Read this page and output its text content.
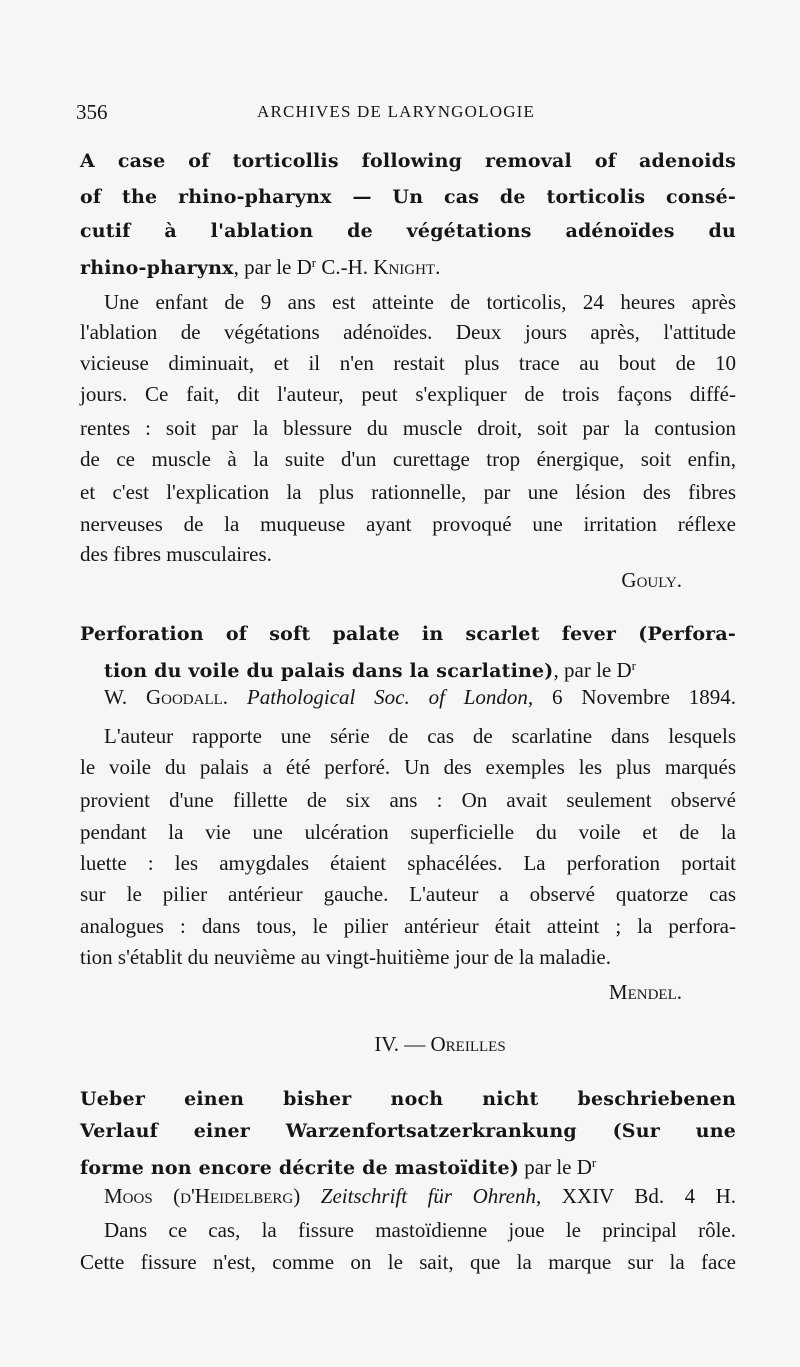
356	ARCHIVES DE LARYNGOLOGIE
A case of torticollis following removal of adenoids
of the rhino-pharynx — Un cas de torticolis consé-
cutif à l'ablation de végétations adénoïdes du
rhino-pharynx, par le $D^r$ C.-H. Knight.
Une enfant de 9 ans est atteinte de torticolis, 24 heures après
l'ablation de végétations adénoïdes. Deux jours après, l'attitude
vicieuse diminuait, et il n'en restait plus trace au bout de 10
jours. Ce fait, dit l'auteur, peut s'expliquer de trois façons diffé-
rentes : soit par la blessure du muscle droit, soit par la contusion
de ce muscle à la suite d'un curettage trop énergique, soit enfin,
et c'est l'explication la plus rationnelle, par une lésion des fibres
nerveuses de la muqueuse ayant provoqué une irritation réflexe
des fibres musculaires.
Gouly.
Perforation of soft palate in scarlet fever (Perfora-
tion du voile du palais dans la scarlatine), par le $D^r$
W. Goodall. Pathological Soc. of London, 6 Novembre 1894.
L'auteur rapporte une série de cas de scarlatine dans lesquels
le voile du palais a été perforé. Un des exemples les plus marqués
provient d'une fillette de six ans : On avait seulement observé
pendant la vie une ulcération superficielle du voile et de la
luette : les amygdales étaient sphacélées. La perforation portait
sur le pilier antérieur gauche. L'auteur a observé quatorze cas
analogues : dans tous, le pilier antérieur était atteint ; la perfora-
tion s'établit du neuvième au vingt-huitième jour de la maladie.
Mendel.
IV. — Oreilles
Ueber einen bisher noch nicht beschriebenen
Verlauf einer Warzenfortsatzerkrankung (Sur une
forme non encore décrite de mastoïdite) par le $D^r$
Moos (d'Heidelberg) Zeitschrift für Ohrenh, XXIV Bd. 4 H.
Dans ce cas, la fissure mastoïdienne joue le principal rôle.
Cette fissure n'est, comme on le sait, que la marque sur la face
